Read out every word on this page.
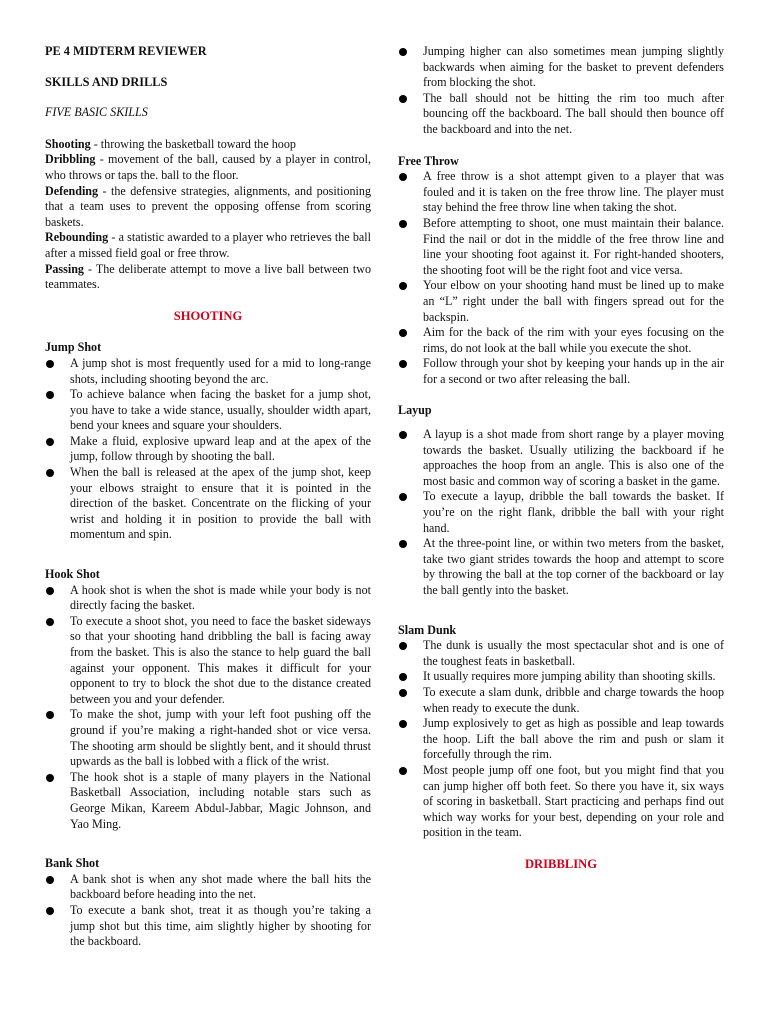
PE 4 MIDTERM REVIEWER
SKILLS AND DRILLS
FIVE BASIC SKILLS
Shooting - throwing the basketball toward the hoop
Dribbling - movement of the ball, caused by a player in control, who throws or taps the. ball to the floor.
Defending - the defensive strategies, alignments, and positioning that a team uses to prevent the opposing offense from scoring baskets.
Rebounding - a statistic awarded to a player who retrieves the ball after a missed field goal or free throw.
Passing - The deliberate attempt to move a live ball between two teammates.
SHOOTING
Jump Shot
A jump shot is most frequently used for a mid to long-range shots, including shooting beyond the arc.
To achieve balance when facing the basket for a jump shot, you have to take a wide stance, usually, shoulder width apart, bend your knees and square your shoulders.
Make a fluid, explosive upward leap and at the apex of the jump, follow through by shooting the ball.
When the ball is released at the apex of the jump shot, keep your elbows straight to ensure that it is pointed in the direction of the basket. Concentrate on the flicking of your wrist and holding it in position to provide the ball with momentum and spin.
Hook Shot
A hook shot is when the shot is made while your body is not directly facing the basket.
To execute a shoot shot, you need to face the basket sideways so that your shooting hand dribbling the ball is facing away from the basket. This is also the stance to help guard the ball against your opponent. This makes it difficult for your opponent to try to block the shot due to the distance created between you and your defender.
To make the shot, jump with your left foot pushing off the ground if you’re making a right-handed shot or vice versa. The shooting arm should be slightly bent, and it should thrust upwards as the ball is lobbed with a flick of the wrist.
The hook shot is a staple of many players in the National Basketball Association, including notable stars such as George Mikan, Kareem Abdul-Jabbar, Magic Johnson, and Yao Ming.
Bank Shot
A bank shot is when any shot made where the ball hits the backboard before heading into the net.
To execute a bank shot, treat it as though you’re taking a jump shot but this time, aim slightly higher by shooting for the backboard.
Jumping higher can also sometimes mean jumping slightly backwards when aiming for the basket to prevent defenders from blocking the shot.
The ball should not be hitting the rim too much after bouncing off the backboard. The ball should then bounce off the backboard and into the net.
Free Throw
A free throw is a shot attempt given to a player that was fouled and it is taken on the free throw line. The player must stay behind the free throw line when taking the shot.
Before attempting to shoot, one must maintain their balance. Find the nail or dot in the middle of the free throw line and line your shooting foot against it. For right-handed shooters, the shooting foot will be the right foot and vice versa.
Your elbow on your shooting hand must be lined up to make an “L” right under the ball with fingers spread out for the backspin.
Aim for the back of the rim with your eyes focusing on the rims, do not look at the ball while you execute the shot.
Follow through your shot by keeping your hands up in the air for a second or two after releasing the ball.
Layup
A layup is a shot made from short range by a player moving towards the basket. Usually utilizing the backboard if he approaches the hoop from an angle. This is also one of the most basic and common way of scoring a basket in the game.
To execute a layup, dribble the ball towards the basket. If you’re on the right flank, dribble the ball with your right hand.
At the three-point line, or within two meters from the basket, take two giant strides towards the hoop and attempt to score by throwing the ball at the top corner of the backboard or lay the ball gently into the basket.
Slam Dunk
The dunk is usually the most spectacular shot and is one of the toughest feats in basketball.
It usually requires more jumping ability than shooting skills.
To execute a slam dunk, dribble and charge towards the hoop when ready to execute the dunk.
Jump explosively to get as high as possible and leap towards the hoop. Lift the ball above the rim and push or slam it forcefully through the rim.
Most people jump off one foot, but you might find that you can jump higher off both feet. So there you have it, six ways of scoring in basketball. Start practicing and perhaps find out which way works for your best, depending on your role and position in the team.
DRIBBLING
